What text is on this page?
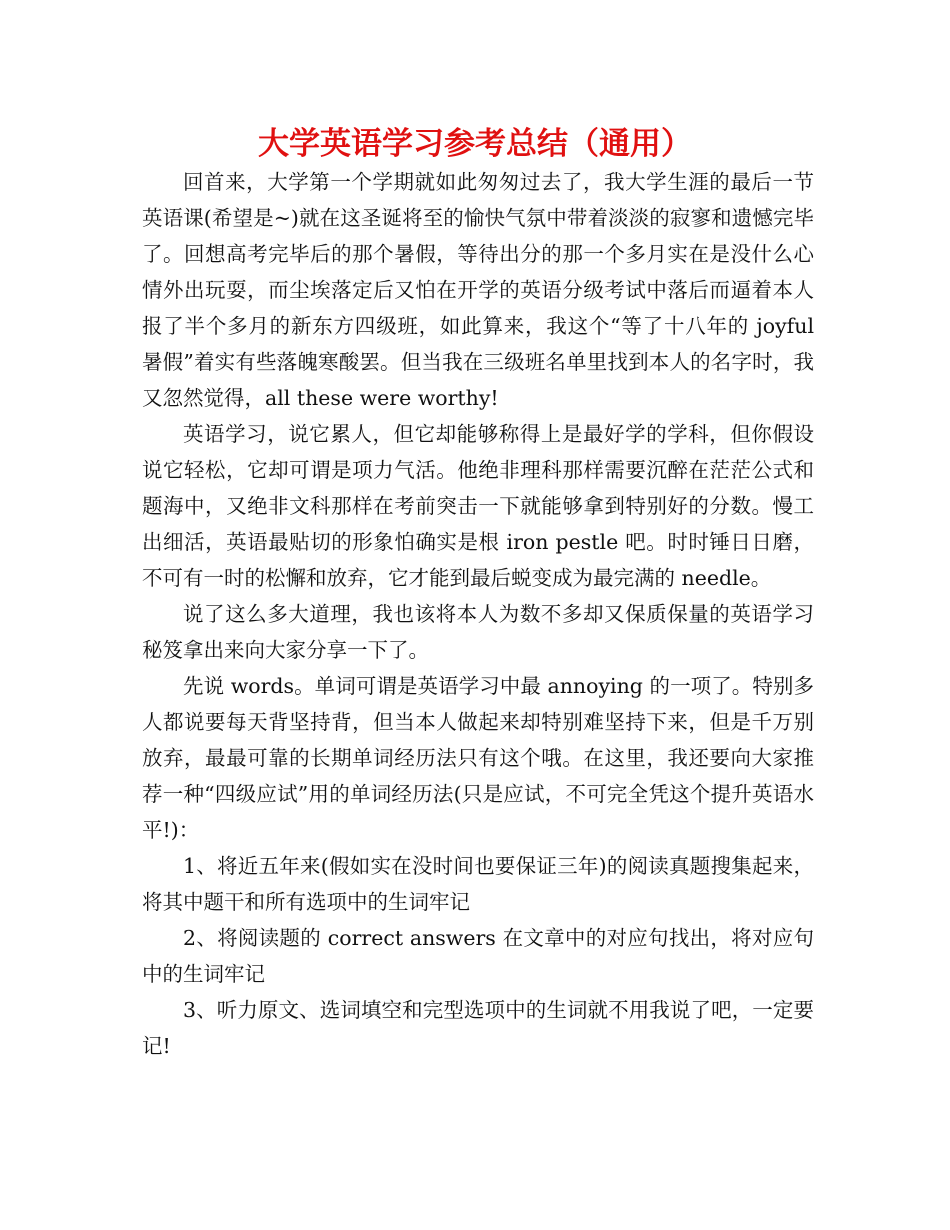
大学英语学习参考总结（通用）

回首来，大学第一个学期就如此匆匆过去了，我大学生涯的最后一节英语课(希望是~)就在这圣诞将至的愉快气氛中带着淡淡的寂寥和遗憾完毕了。回想高考完毕后的那个暑假，等待出分的那一个多月实在是没什么心情外出玩耍，而尘埃落定后又怕在开学的英语分级考试中落后而逼着本人报了半个多月的新东方四级班，如此算来，我这个“等了十八年的 joyful 暑假”着实有些落魄寒酸罢。但当我在三级班名单里找到本人的名字时，我又忽然觉得，all these were worthy!

英语学习，说它累人，但它却能够称得上是最好学的学科，但你假设说它轻松，它却可谓是项力气活。他绝非理科那样需要沉醉在茫茫公式和题海中，又绝非文科那样在考前突击一下就能够拿到特别好的分数。慢工出细活，英语最贴切的形象怕确实是根 iron pestle 吧。时时锤日日磨，不可有一时的松懈和放弃，它才能到最后蜕变成为最完满的 needle。

说了这么多大道理，我也该将本人为数不多却又保质保量的英语学习秘笈拿出来向大家分享一下了。

先说 words。单词可谓是英语学习中最 annoying 的一项了。特别多人都说要每天背坚持背，但当本人做起来却特别难坚持下来，但是千万别放弃，最最可靠的长期单词经历法只有这个哦。在这里，我还要向大家推荐一种“四级应试”用的单词经历法(只是应试，不可完全凭这个提升英语水平!)：

1、将近五年来(假如实在没时间也要保证三年)的阅读真题搜集起来，将其中题干和所有选项中的生词牢记

2、将阅读题的 correct answers 在文章中的对应句找出，将对应句中的生词牢记

3、听力原文、选词填空和完型选项中的生词就不用我说了吧，一定要记!
